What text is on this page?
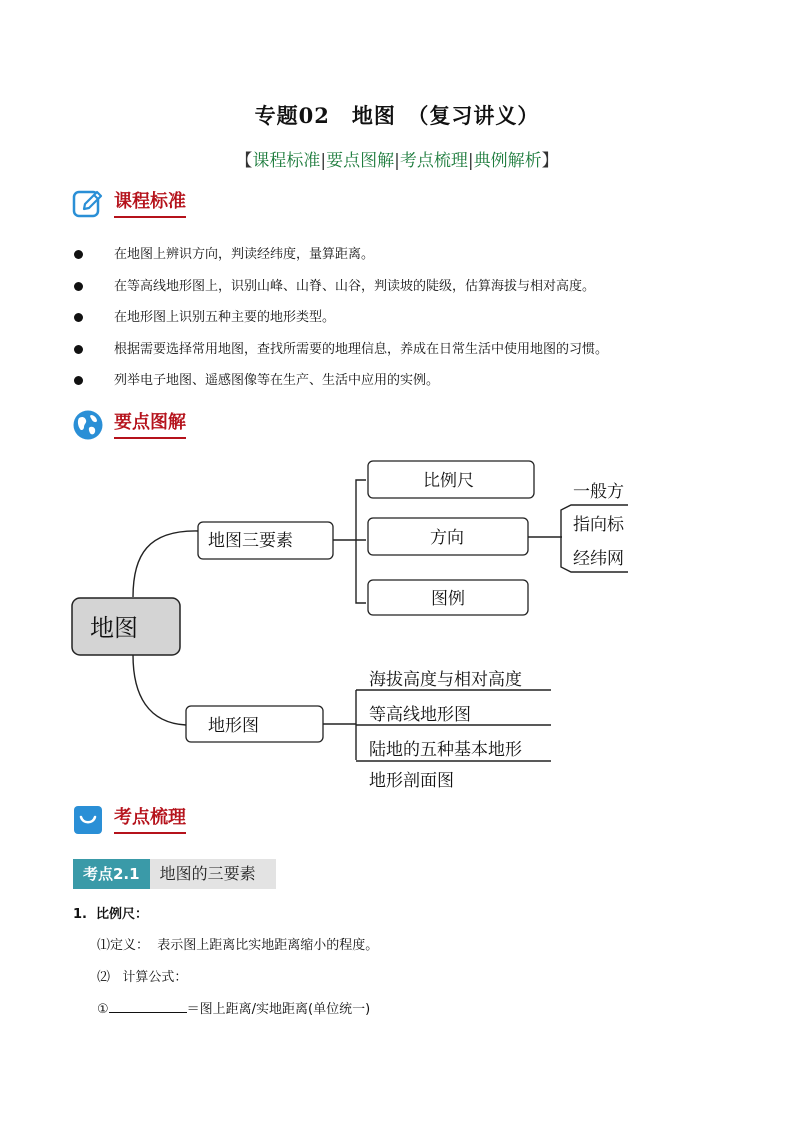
专题02　地图　（复习讲义）
【课程标准|要点图解|考点梳理|典例解析】
课程标准
在地图上辨识方向，判读经纬度，量算距离。
在等高线地形图上，识别山峰、山脊、山谷，判读坡的陡级，估算海拔与相对高度。
在地形图上识别五种主要的地形类型。
根据需要选择常用地图，查找所需要的地理信息，养成在日常生活中使用地图的习惯。
列举电子地图、遥感图像等在生产、生活中应用的实例。
要点图解
地图
地图三要素
比例尺
方向
图例
一般方
指向标
经纬网
地形图
海拔高度与相对高度
等高线地形图
陆地的五种基本地形
地形剖面图
考点梳理
考点2.1	地图的三要素
1. 比例尺：
⑴定义： 表示图上距离比实地距离缩小的程度。
⑵ 计算公式：
①	＝图上距离/实地距离(单位统一)
